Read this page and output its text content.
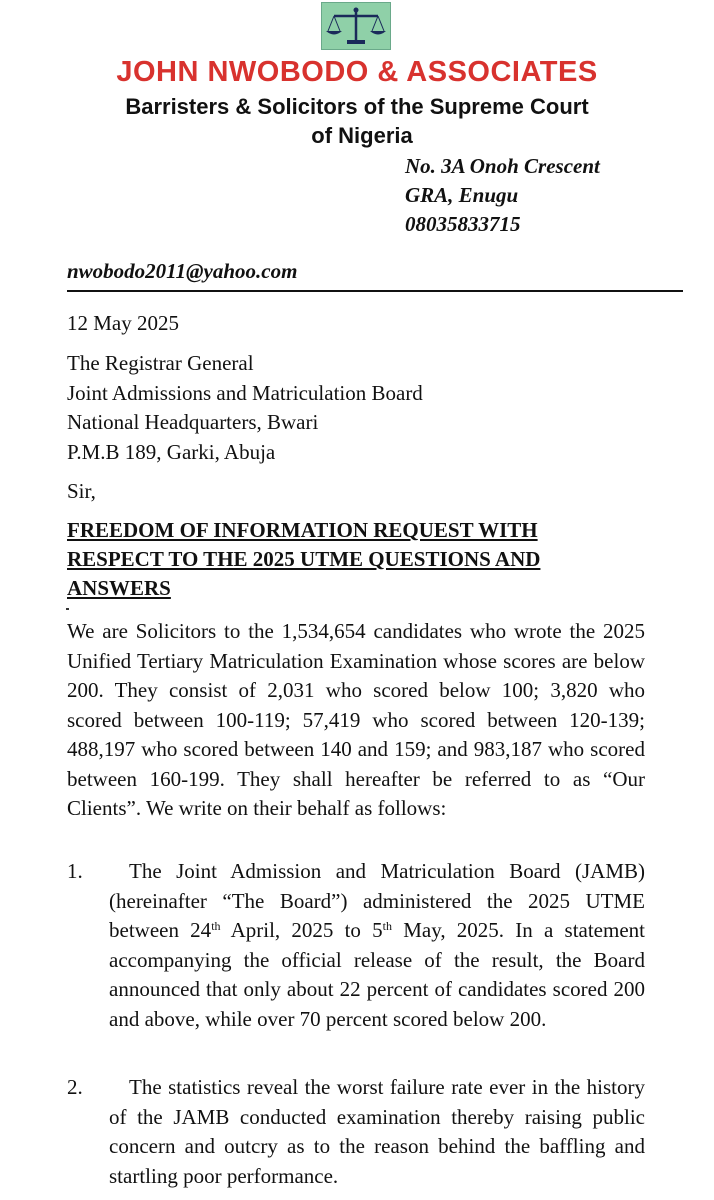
JOHN NWOBODO & ASSOCIATES
Barristers & Solicitors of the Supreme Court
of Nigeria
No. 3A Onoh Crescent
GRA, Enugu
08035833715
nwobodo2011@yahoo.com
12 May 2025
The Registrar General
Joint Admissions and Matriculation Board
National Headquarters, Bwari
P.M.B 189, Garki, Abuja
Sir,
FREEDOM OF INFORMATION REQUEST WITH
RESPECT TO THE 2025 UTME QUESTIONS AND
ANSWERS
We are Solicitors to the 1,534,654 candidates who wrote the 2025 Unified Tertiary Matriculation Examination whose scores are below 200. They consist of 2,031 who scored below 100; 3,820 who scored between 100-119; 57,419 who scored between 120-139; 488,197 who scored between 140 and 159; and 983,187 who scored between 160-199. They shall hereafter be referred to as “Our Clients”. We write on their behalf as follows:
1.	The Joint Admission and Matriculation Board (JAMB) (hereinafter “The Board”) administered the 2025 UTME between 24th April, 2025 to 5th May, 2025. In a statement accompanying the official release of the result, the Board announced that only about 22 percent of candidates scored 200 and above, while over 70 percent scored below 200.
2.	The statistics reveal the worst failure rate ever in the history of the JAMB conducted examination thereby raising public concern and outcry as to the reason behind the baffling and startling poor performance.
